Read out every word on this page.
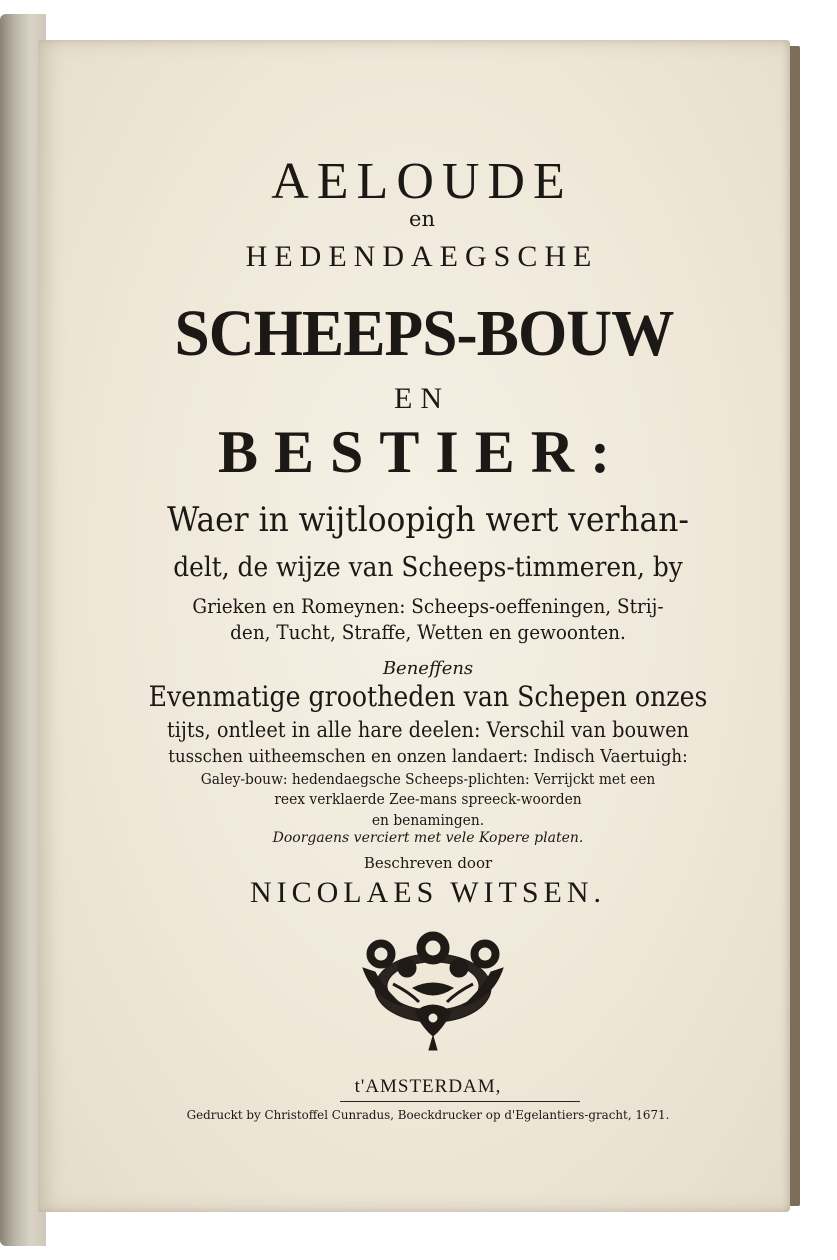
AELOUDE
en
HEDENDAEGSCHE
SCHEEPS-BOUW
EN
BESTIER:
Waer in wijtloopigh wert verhan-
delt, de wijze van Scheeps-timmeren, by
Grieken en Romeynen: Scheeps-oeffeningen, Strij-
den, Tucht, Straffe, Wetten en gewoonten.
Beneffens
Evenmatige grootheden van Schepen onzes
tijts, ontleet in alle hare deelen: Verschil van bouwen
tusschen uitheemschen en onzen landaert: Indisch Vaertuigh:
Galey-bouw: hedendaegsche Scheeps-plichten: Verrijckt met een
reex verklaerde Zee-mans spreeck-woorden
en benamingen.
Doorgaens verciert met vele Kopere platen.
Beschreven door
NICOLAES WITSEN.
t'AMSTERDAM,
Gedruckt by Christoffel Cunradus, Boeckdrucker op d'Egelantiers-gracht, 1671.
